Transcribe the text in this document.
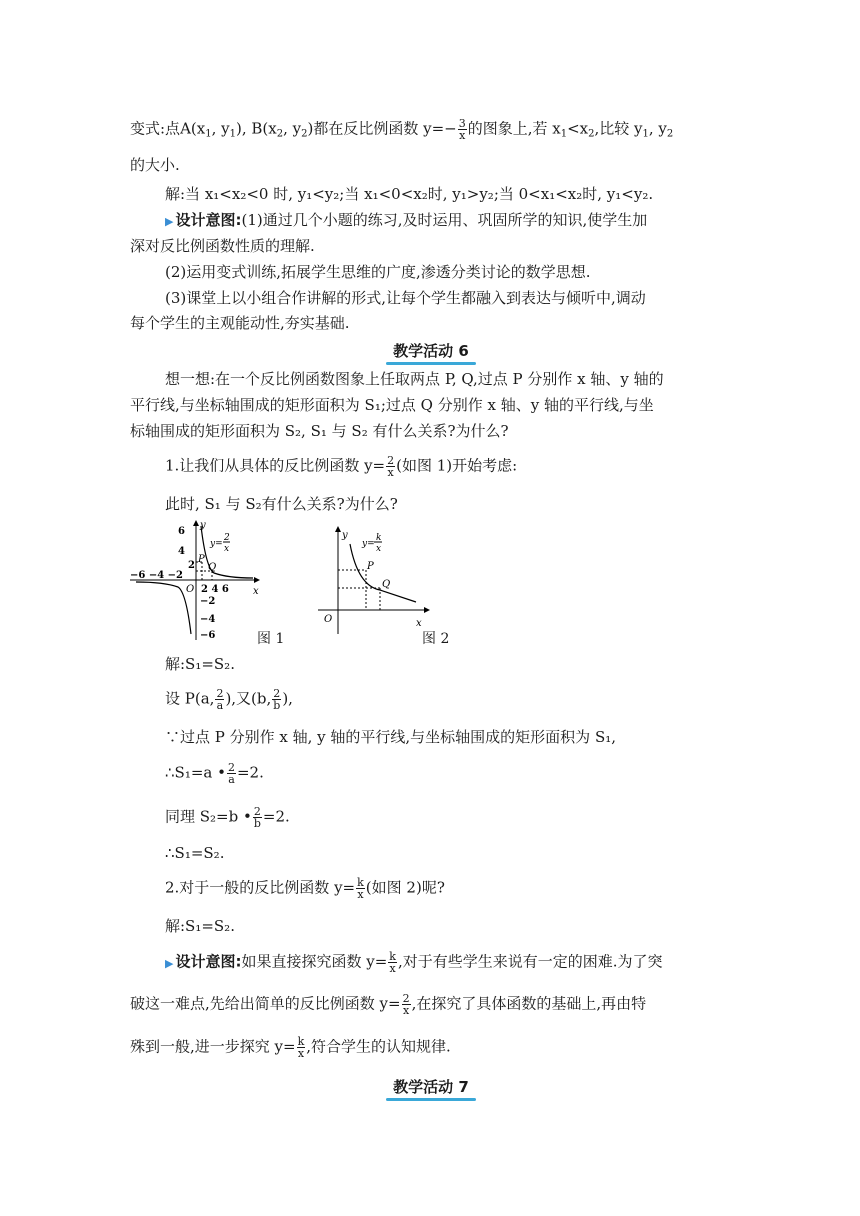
变式:点$A(x_1$, $y_1$), $B(x_2$, $y_2$)都在反比例函数 $y=- \frac{3}{x}$ 的图象上,若 $x_1<x_2$,比较 $y_1$, $y_2$
的大小.
解:当 x₁<x₂<0 时, y₁<y₂;当 x₁<0<x₂时, y₁>y₂;当 0<x₁<x₂时, y₁<y₂.
▶ 设计意图:(1)通过几个小题的练习,及时运用、巩固所学的知识,使学生加
深对反比例函数性质的理解.
(2)运用变式训练,拓展学生思维的广度,渗透分类讨论的数学思想.
(3)课堂上以小组合作讲解的形式,让每个学生都融入到表达与倾听中,调动
每个学生的主观能动性,夯实基础.
教学活动 6
想一想:在一个反比例函数图象上任取两点 P, Q,过点 P 分别作 x 轴、y 轴的
平行线,与坐标轴围成的矩形面积为 S₁;过点 Q 分别作 x 轴、y 轴的平行线,与坐
标轴围成的矩形面积为 S₂, S₁ 与 S₂ 有什么关系?为什么?
1.让我们从具体的反比例函数 $y= \frac{2}{x}$ (如图 1)开始考虑:
此时, S₁ 与 S₂有什么关系?为什么?
y
x
6
4
2
−6 −4 −2
O 2 4 6
−2
−4
−6
P
Q
y=
2
x
图 1
y
x
O
P
Q
y=
k
x
图 2
解:S₁=S₂.
设 P(a, $\frac{2}{a}$ ),又(b, $\frac{2}{b}$ ),
∵过点 P 分别作 x 轴, y 轴的平行线,与坐标轴围成的矩形面积为 S₁,
∴S₁=a • $\frac{2}{a} =2$.
同理 S₂=b • $\frac{2}{b} =2$.
∴S₁=S₂.
2.对于一般的反比例函数 $y= \frac{k}{x}$ (如图 2)呢?
解:S₁=S₂.
▶ 设计意图:如果直接探究函数 $y= \frac{k}{x}$ ,对于有些学生来说有一定的困难.为了突
破这一难点,先给出简单的反比例函数 $y= \frac{2}{x}$ ,在探究了具体函数的基础上,再由特
殊到一般,进一步探究 $y= \frac{k}{x}$ ,符合学生的认知规律.
教学活动 7
